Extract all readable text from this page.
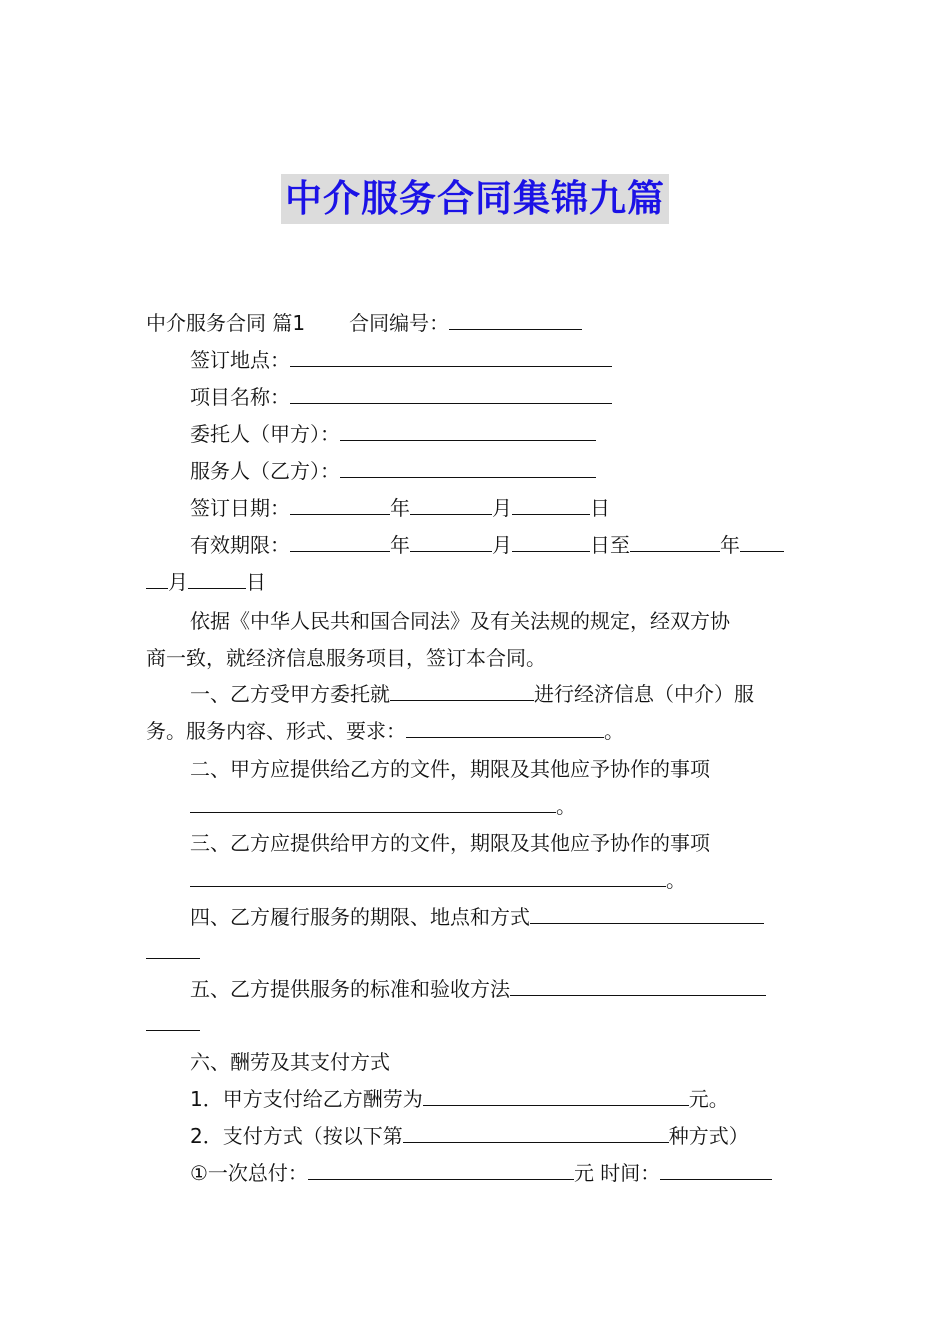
中介服务合同集锦九篇
中介服务合同 篇1 合同编号：
签订地点：
项目名称：
委托人（甲方）：
服务人（乙方）：
签订日期：	年	月	日
有效期限：	年	月	日至	年
月	日
依据《中华人民共和国合同法》及有关法规的规定，经双方协
商一致，就经济信息服务项目，签订本合同。
一、乙方受甲方委托就	进行经济信息（中介）服
务。服务内容、形式、要求：	。
二、甲方应提供给乙方的文件，期限及其他应予协作的事项
。
三、乙方应提供给甲方的文件，期限及其他应予协作的事项
。
四、乙方履行服务的期限、地点和方式
五、乙方提供服务的标准和验收方法
六、酬劳及其支付方式
1．甲方支付给乙方酬劳为	元。
2．支付方式（按以下第	种方式）
①一次总付：	元 时间：
